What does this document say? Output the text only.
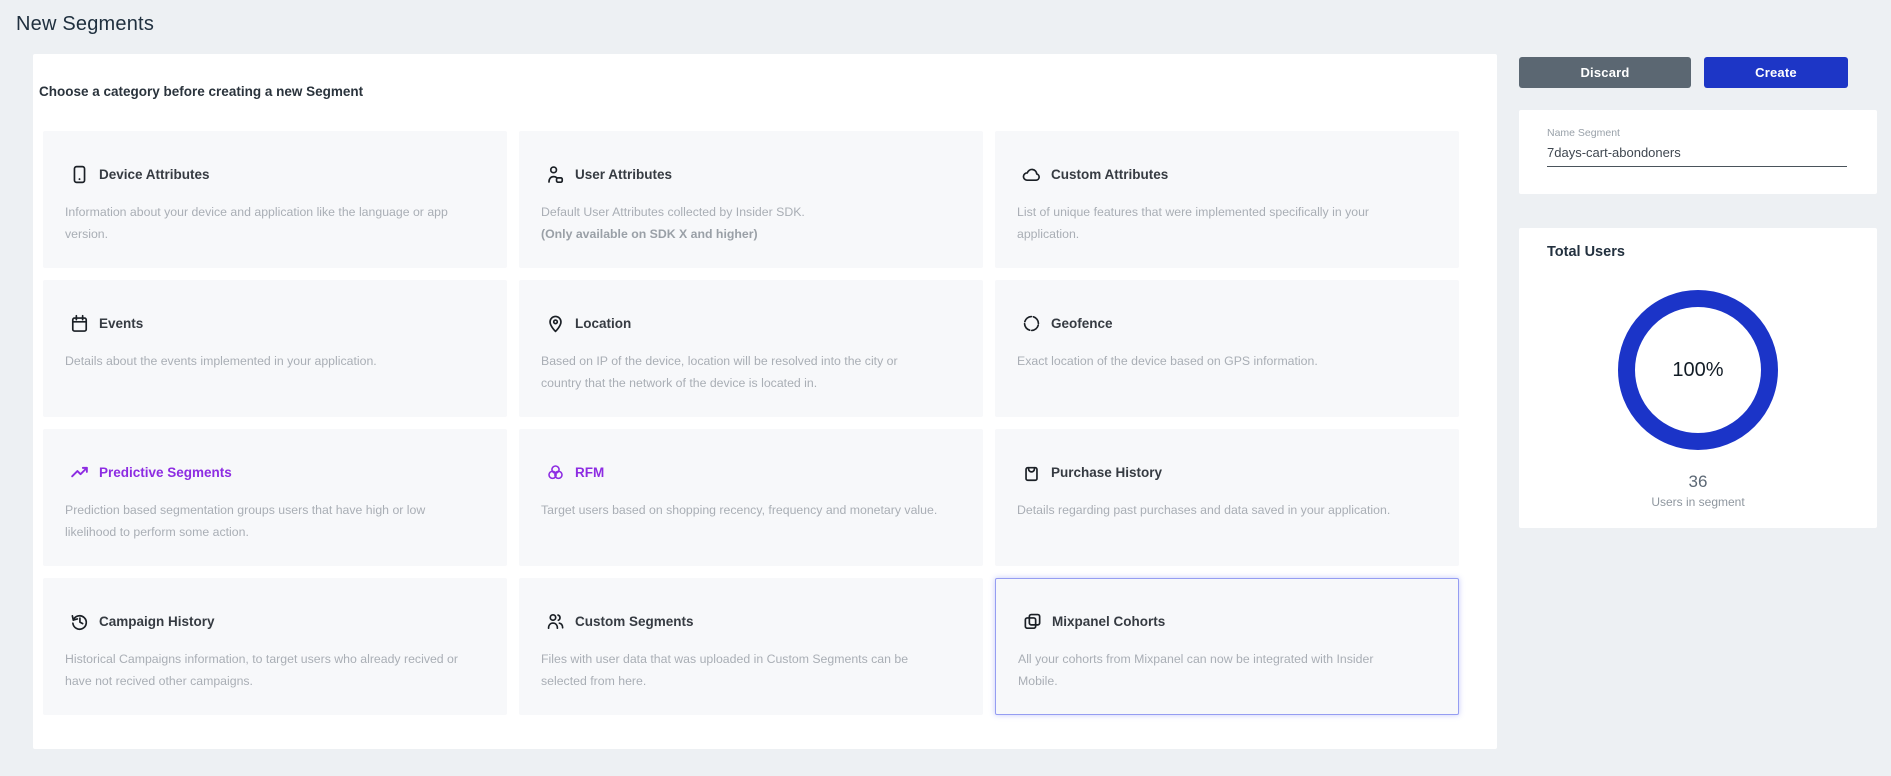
New Segments
Choose a category before creating a new Segment
Device Attributes

Information about your device and application like the language or app version.

User Attributes

Default User Attributes collected by Insider SDK.
(Only available on SDK X and higher)

Custom Attributes

List of unique features that were implemented specifically in your application.

Events

Details about the events implemented in your application.

Location

Based on IP of the device, location will be resolved into the city or country that the network of the device is located in.

Geofence

Exact location of the device based on GPS information.

Predictive Segments

Prediction based segmentation groups users that have high or low likelihood to perform some action.

RFM

Target users based on shopping recency, frequency and monetary value.

Purchase History

Details regarding past purchases and data saved in your application.

Campaign History

Historical Campaigns information, to target users who already recived or have not recived other campaigns.

Custom Segments

Files with user data that was uploaded in Custom Segments can be selected from here.

Mixpanel Cohorts

All your cohorts from Mixpanel can now be integrated with Insider Mobile.

Discard	Create
Name Segment
7days-cart-abondoners
Total Users
100%
36
Users in segment
